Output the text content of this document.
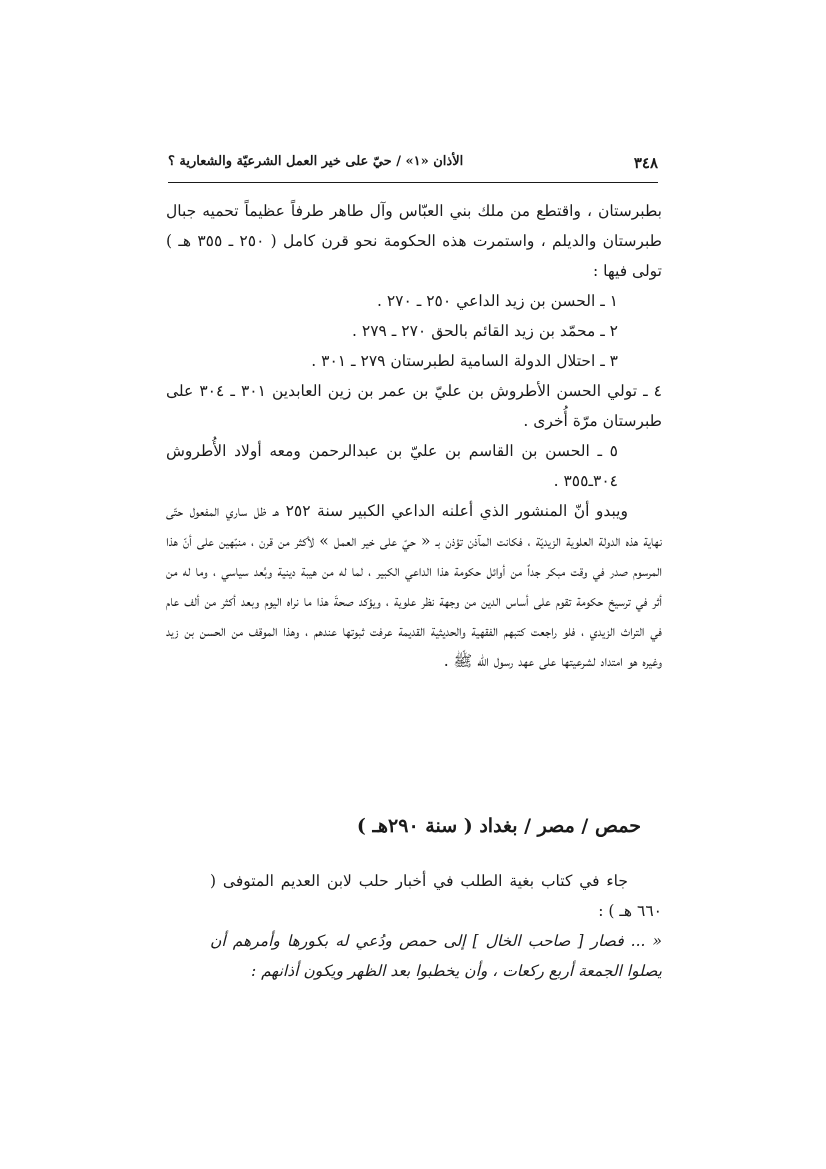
٣٤٨
الأذان «١» / حيّ على خير العمل الشرعيّة والشعارية ؟

بطبرستان ، واقتطع من ملك بني العبّاس وآل طاهر طرفاً عظيماً تحميه جبال طبرستان والديلم ، واستمرت هذه الحكومة نحو قرن كامل ( ٢٥٠ ـ ٣٥٥ هـ ) تولى فيها :

١ ـ الحسن بن زيد الداعي ٢٥٠ ـ ٢٧٠ .

٢ ـ محمّد بن زيد القائم بالحق ٢٧٠ ـ ٢٧٩ .

٣ ـ احتلال الدولة السامية لطبرستان ٢٧٩ ـ ٣٠١ .

٤ ـ تولي الحسن الأطروش بن عليّ بن عمر بن زين العابدين ٣٠١ ـ ٣٠٤ على طبرستان مرّة أُخرى .

٥ ـ الحسن بن القاسم بن عليّ بن عبدالرحمن ومعه أولاد الأُطروش ٣٠٤ـ٣٥٥ .

ويبدو أنّ المنشور الذي أعلنه الداعي الكبير سنة ٢٥٢ هـ ظل ساري المفعول حتّى نهاية هذه الدولة العلوية الزيديّة ، فكانت المآذن تؤذن بـ « حيّ على خير العمل » لأكثر من قرن ، منبّهين على أنّ هذا المرسوم صدر في وقت مبكر جداً من أوائل حكومة هذا الداعي الكبير ، لما له من هيبة دينية وبُعد سياسي ، وما له من أثر في ترسيخ حكومة تقوم على أساس الدين من وجهة نظر علوية ، ويؤكد صحةَ هذا ما نراه اليوم وبعد أكثر من ألف عام في التراث الزيدي ، فلو راجعت كتبهم الفقهية والحديثية القديمة عرفت ثبوتها عندهم ، وهذا الموقف من الحسن بن زيد وغيره هو امتداد لشرعيتها على عهد رسول الله ﷺ .

حمص / مصر / بغداد ( سنة ٢٩٠هـ )

جاء في كتاب بغية الطلب في أخبار حلب لابن العديم المتوفى ( ٦٦٠ هـ ) :

« ... فصار [ صاحب الخال ] إلى حمص ودُعي له بكورها وأمرهم أن يصلوا الجمعة أربع ركعات ، وأن يخطبوا بعد الظهر ويكون أذانهم :
